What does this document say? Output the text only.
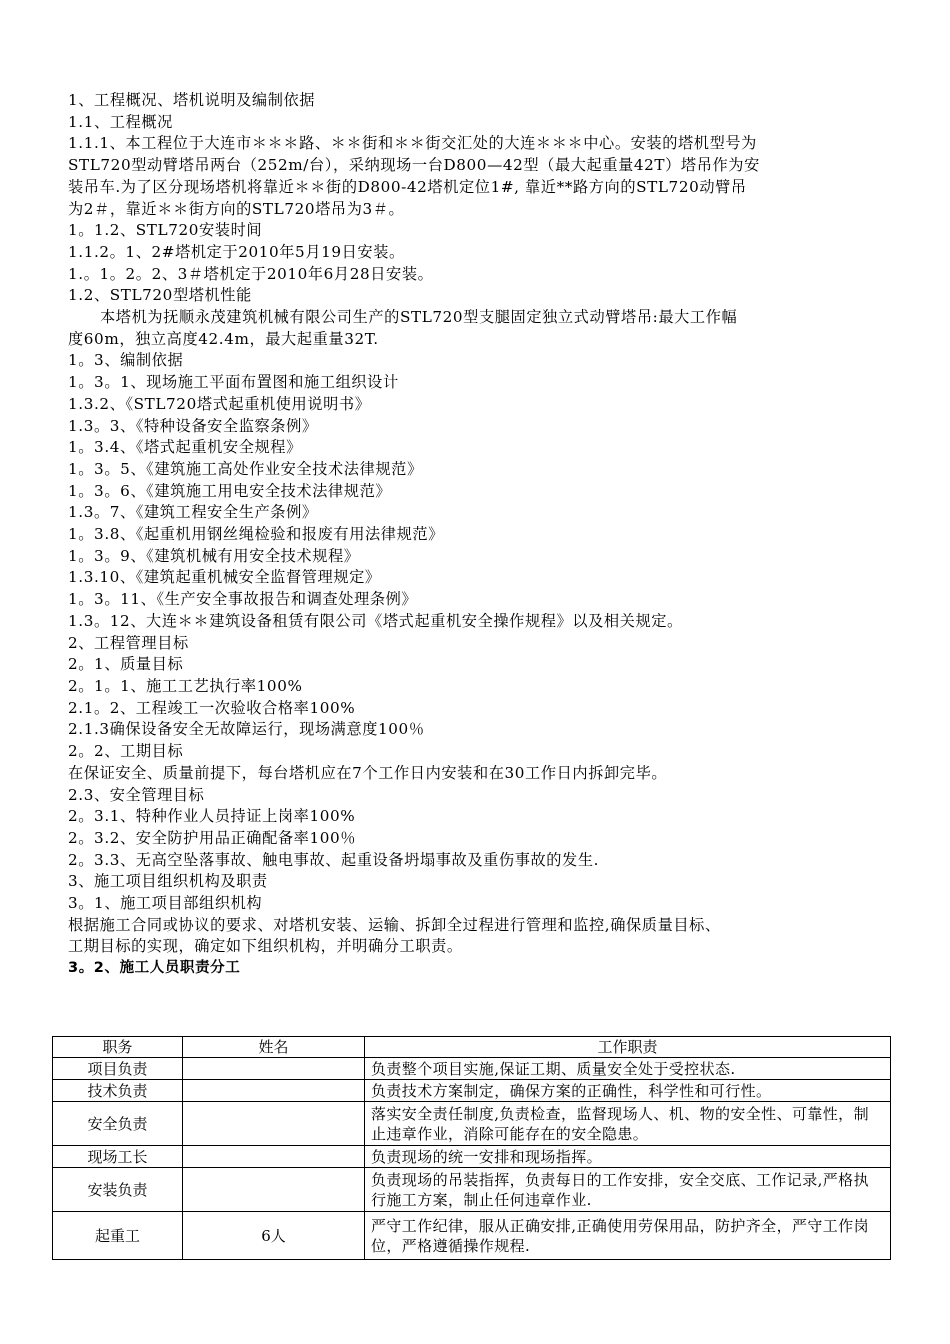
1、工程概况、塔机说明及编制依据
1.1、工程概况
1.1.1、本工程位于大连市＊＊＊路、＊＊街和＊＊街交汇处的大连＊＊＊中心。安装的塔机型号为
STL720型动臂塔吊两台（252m/台），采纳现场一台D800—42型（最大起重量42T）塔吊作为安
装吊车.为了区分现场塔机将靠近＊＊街的D800-42塔机定位1#, 靠近**路方向的STL720动臂吊
为2＃，靠近＊＊街方向的STL720塔吊为3＃。
1。1.2、STL720安装时间
1.1.2。1、2#塔机定于2010年5月19日安装。
1.。1。2。2、3＃塔机定于2010年6月28日安装。
1.2、STL720型塔机性能
本塔机为抚顺永茂建筑机械有限公司生产的STL720型支腿固定独立式动臂塔吊:最大工作幅
度60m，独立高度42.4m，最大起重量32T.
1。3、编制依据
1。3。1、现场施工平面布置图和施工组织设计
1.3.2、《STL720塔式起重机使用说明书》
1.3。3、《特种设备安全监察条例》
1。3.4、《塔式起重机安全规程》
1。3。5、《建筑施工高处作业安全技术法律规范》
1。3。6、《建筑施工用电安全技术法律规范》
1.3。7、《建筑工程安全生产条例》
1。3.8、《起重机用钢丝绳检验和报废有用法律规范》
1。3。9、《建筑机械有用安全技术规程》
1.3.10、《建筑起重机械安全监督管理规定》
1。3。11、《生产安全事故报告和调查处理条例》
1.3。12、大连＊＊建筑设备租赁有限公司《塔式起重机安全操作规程》以及相关规定。
2、工程管理目标
2。1、质量目标
2。1。1、施工工艺执行率100%
2.1。2、工程竣工一次验收合格率100%
2.1.3确保设备安全无故障运行，现场满意度100％
2。2、工期目标
在保证安全、质量前提下，每台塔机应在7个工作日内安装和在30工作日内拆卸完毕。
2.3、安全管理目标
2。3.1、特种作业人员持证上岗率100%
2。3.2、安全防护用品正确配备率100％
2。3.3、无高空坠落事故、触电事故、起重设备坍塌事故及重伤事故的发生.
3、施工项目组织机构及职责
3。1、施工项目部组织机构
根据施工合同或协议的要求、对塔机安装、运输、拆卸全过程进行管理和监控,确保质量目标、
工期目标的实现，确定如下组织机构，并明确分工职责。
3。2、施工人员职责分工
职务	姓名	工作职责
项目负责		负责整个项目实施,保证工期、质量安全处于受控状态.
技术负责		负责技术方案制定，确保方案的正确性，科学性和可行性。
安全负责		落实安全责任制度,负责检查，监督现场人、机、物的安全性、可靠性，制止违章作业，消除可能存在的安全隐患。
现场工长		负责现场的统一安排和现场指挥。
安装负责		负责现场的吊装指挥，负责每日的工作安排，安全交底、工作记录,严格执行施工方案，制止任何违章作业.
起重工	6人	严守工作纪律，服从正确安排,正确使用劳保用品，防护齐全，严守工作岗位，严格遵循操作规程.
